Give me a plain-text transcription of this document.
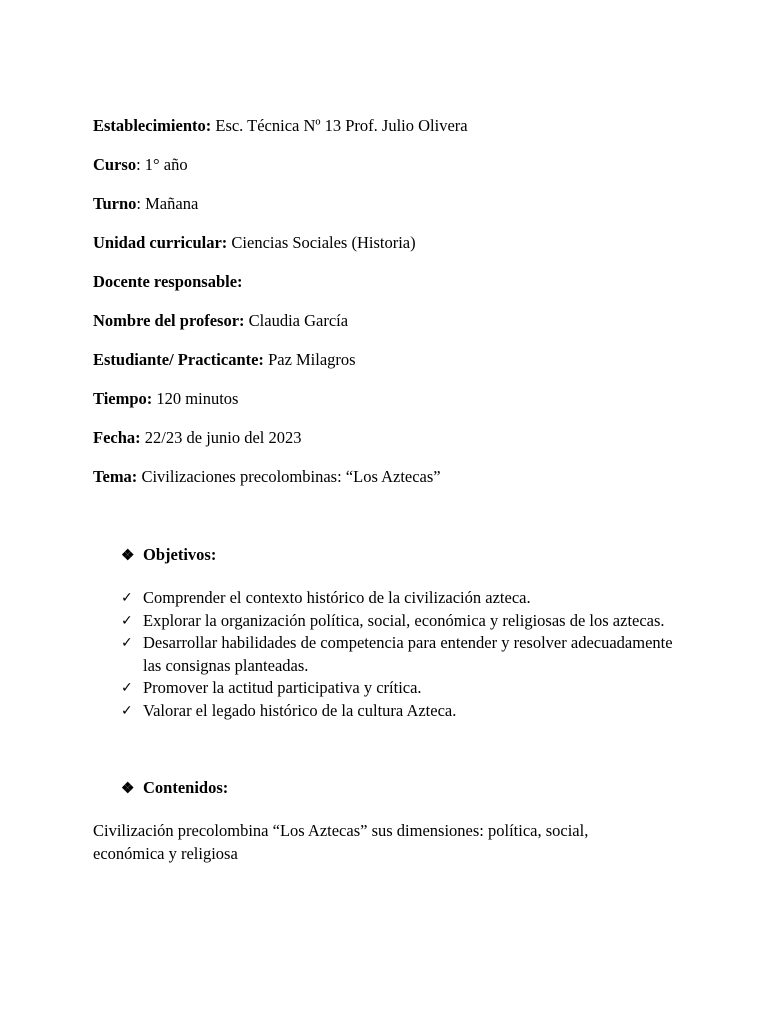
Establecimiento: Esc. Técnica Nº 13 Prof. Julio Olivera
Curso: 1° año
Turno: Mañana
Unidad curricular: Ciencias Sociales (Historia)
Docente responsable:
Nombre del profesor: Claudia García
Estudiante/ Practicante: Paz Milagros
Tiempo: 120 minutos
Fecha: 22/23 de junio del 2023
Tema: Civilizaciones precolombinas: “Los Aztecas”
❖ Objetivos:
✓ Comprender el contexto histórico de la civilización azteca.
✓ Explorar la organización política, social, económica y religiosas de los aztecas.
✓ Desarrollar habilidades de competencia para entender y resolver adecuadamente las consignas planteadas.
✓ Promover la actitud participativa y crítica.
✓ Valorar el legado histórico de la cultura Azteca.
❖ Contenidos:
Civilización precolombina “Los Aztecas” sus dimensiones: política, social, económica y religiosa
